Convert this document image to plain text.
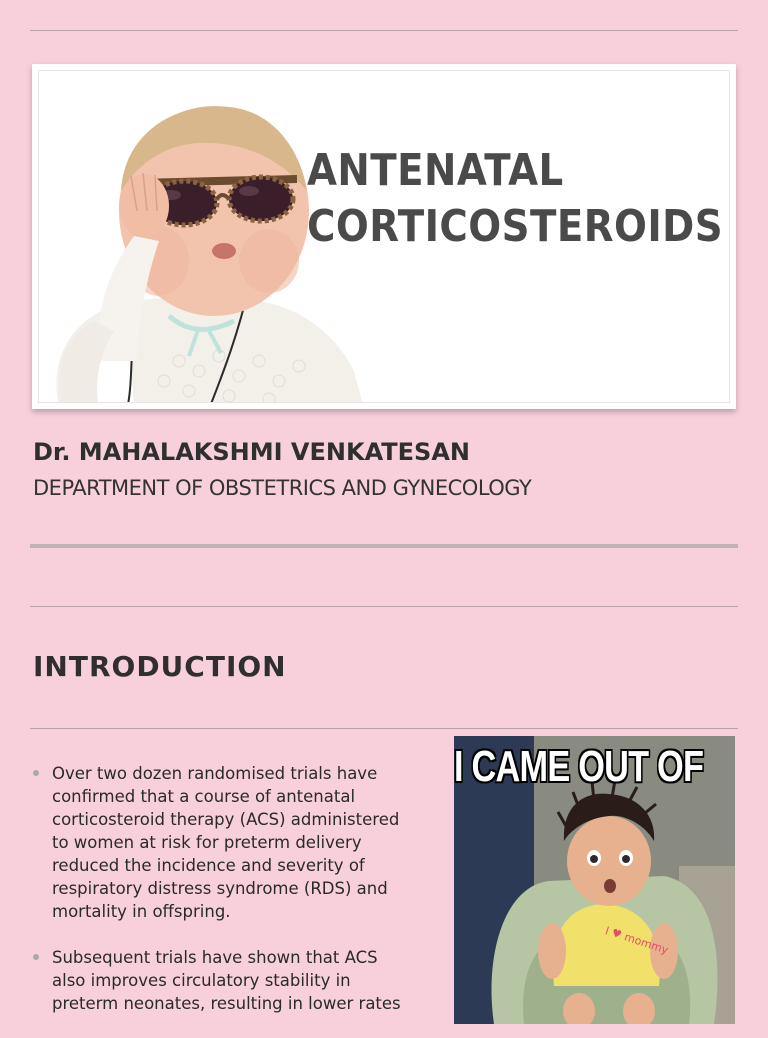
ANTENATAL
CORTICOSTEROIDS
Dr. MAHALAKSHMI VENKATESAN
DEPARTMENT OF OBSTETRICS AND GYNECOLOGY
INTRODUCTION
Over two dozen randomised trials have confirmed that a course of antenatal corticosteroid therapy (ACS) administered to women at risk for preterm delivery reduced the incidence and severity of respiratory distress syndrome (RDS) and mortality in offspring.
Subsequent trials have shown that ACS also improves circulatory stability in preterm neonates, resulting in lower rates
I ♥ mommy
I CAME OUT OF
